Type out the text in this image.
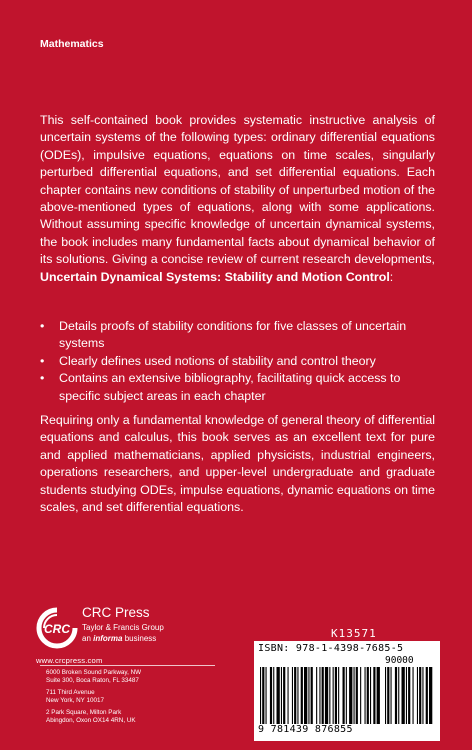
Mathematics

This self-contained book provides systematic instructive analysis of uncertain systems of the following types: ordinary differential equations (ODEs), impulsive equations, equations on time scales, singularly perturbed differential equations, and set differential equations. Each chapter contains new conditions of stability of unperturbed motion of the above-mentioned types of equations, along with some applications. Without assuming specific knowledge of uncertain dynamical systems, the book includes many fundamental facts about dynamical behavior of its solutions. Giving a concise review of current research developments, Uncertain Dynamical Systems: Stability and Motion Control:

• Details proofs of stability conditions for five classes of uncertain systems
• Clearly defines used notions of stability and control theory
• Contains an extensive bibliography, facilitating quick access to specific subject areas in each chapter

Requiring only a fundamental knowledge of general theory of differential equations and calculus, this book serves as an excellent text for pure and applied mathematicians, applied physicists, industrial engineers, operations researchers, and upper-level undergraduate and graduate students studying ODEs, impulse equations, dynamic equations on time scales, and set differential equations.

CRC
CRC Press
Taylor & Francis Group
an informa business
www.crcpress.com
6000 Broken Sound Parkway, NW
Suite 300, Boca Raton, FL 33487
711 Third Avenue
New York, NY 10017
2 Park Square, Milton Park
Abingdon, Oxon OX14 4RN, UK
K13571
ISBN: 978-1-4398-7685-5
90000
9 781439 876855
